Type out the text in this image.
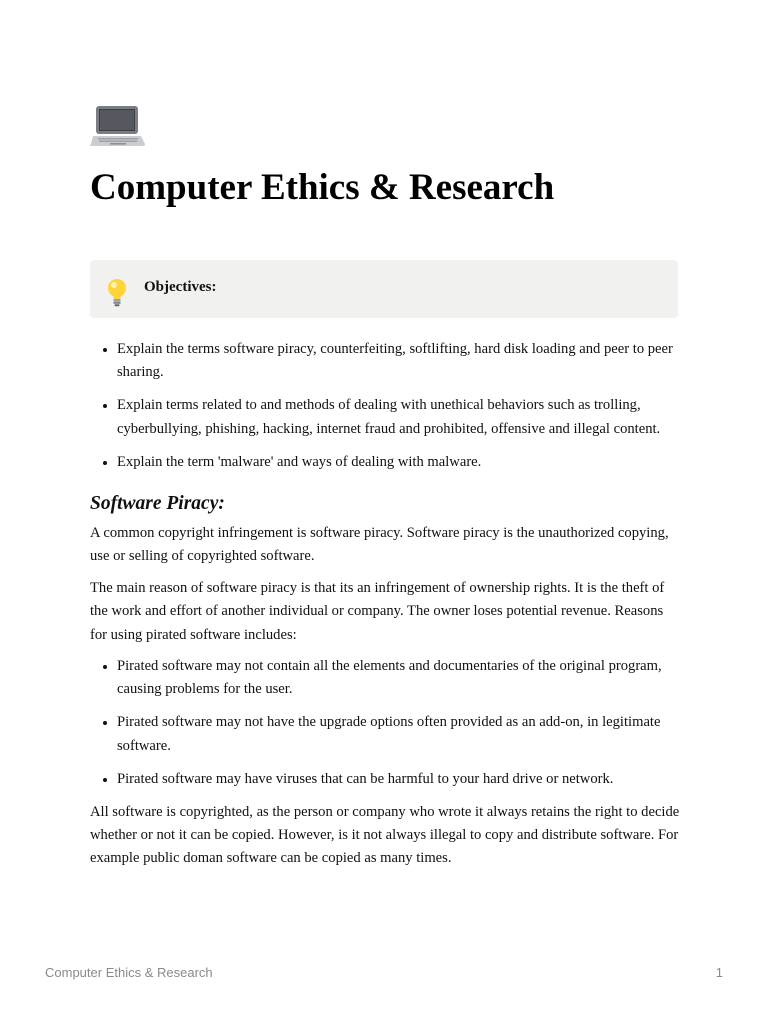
Computer Ethics & Research
Objectives:
• Explain the terms software piracy, counterfeiting, softlifting, hard disk loading and peer to peer sharing.
• Explain terms related to and methods of dealing with unethical behaviors such as trolling, cyberbullying, phishing, hacking, internet fraud and prohibited, offensive and illegal content.
• Explain the term 'malware' and ways of dealing with malware.
Software Piracy:

A common copyright infringement is software piracy. Software piracy is the unauthorized copying, use or selling of copyrighted software.

The main reason of software piracy is that its an infringement of ownership rights. It is the theft of the work and effort of another individual or company. The owner loses potential revenue. Reasons for using pirated software includes:

• Pirated software may not contain all the elements and documentaries of the original program, causing problems for the user.
• Pirated software may not have the upgrade options often provided as an add-on, in legitimate software.
• Pirated software may have viruses that can be harmful to your hard drive or network.

All software is copyrighted, as the person or company who wrote it always retains the right to decide whether or not it can be copied. However, is it not always illegal to copy and distribute software. For example public doman software can be copied as many times.

Computer Ethics & Research	1
